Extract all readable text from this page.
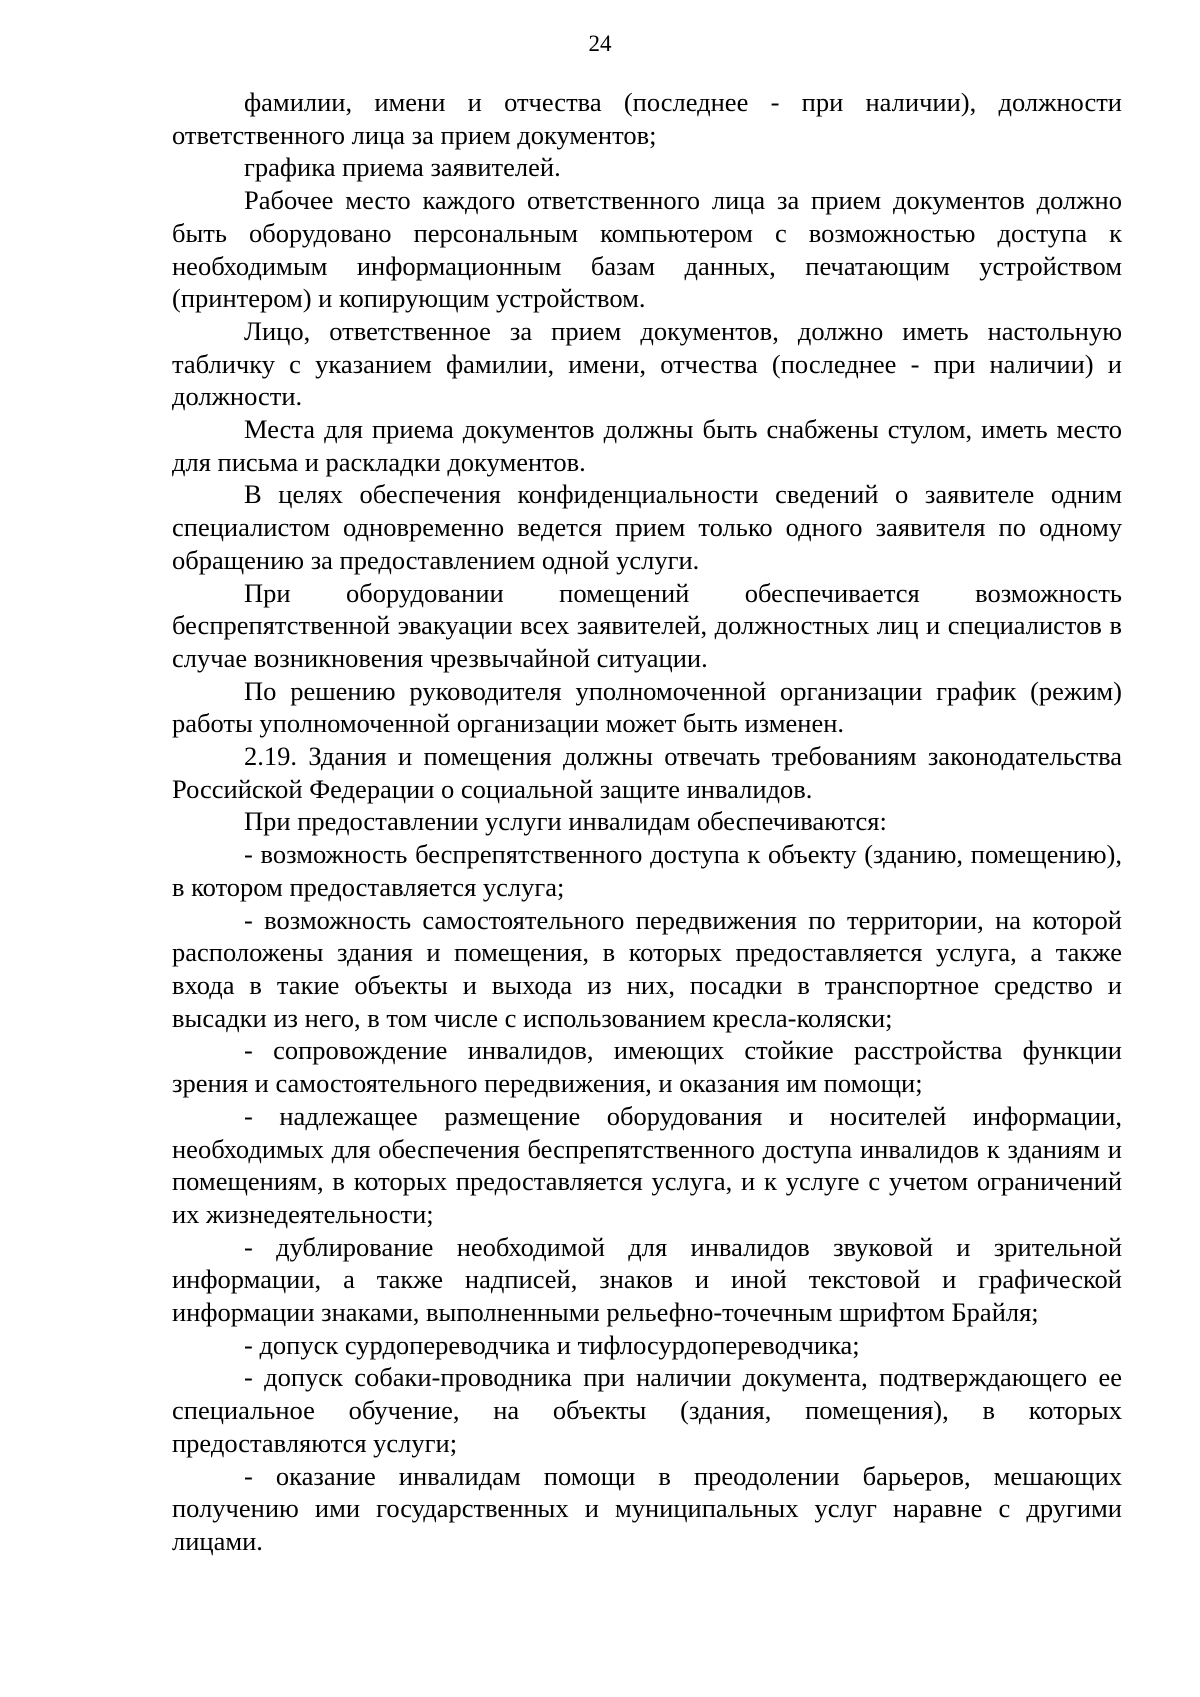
24

фамилии, имени и отчества (последнее - при наличии), должности ответственного лица за прием документов;

графика приема заявителей.

Рабочее место каждого ответственного лица за прием документов должно быть оборудовано персональным компьютером с возможностью доступа к необходимым информационным базам данных, печатающим устройством (принтером) и копирующим устройством.

Лицо, ответственное за прием документов, должно иметь настольную табличку с указанием фамилии, имени, отчества (последнее - при наличии) и должности.

Места для приема документов должны быть снабжены стулом, иметь место для письма и раскладки документов.

В целях обеспечения конфиденциальности сведений о заявителе одним специалистом одновременно ведется прием только одного заявителя по одному обращению за предоставлением одной услуги.

При оборудовании помещений обеспечивается возможность беспрепятственной эвакуации всех заявителей, должностных лиц и специалистов в случае возникновения чрезвычайной ситуации.

По решению руководителя уполномоченной организации график (режим) работы уполномоченной организации может быть изменен.

2.19. Здания и помещения должны отвечать требованиям законодательства Российской Федерации о социальной защите инвалидов.

При предоставлении услуги инвалидам обеспечиваются:

- возможность беспрепятственного доступа к объекту (зданию, помещению), в котором предоставляется услуга;

- возможность самостоятельного передвижения по территории, на которой расположены здания и помещения, в которых предоставляется услуга, а также входа в такие объекты и выхода из них, посадки в транспортное средство и высадки из него, в том числе с использованием кресла-коляски;

- сопровождение инвалидов, имеющих стойкие расстройства функции зрения и самостоятельного передвижения, и оказания им помощи;

- надлежащее размещение оборудования и носителей информации, необходимых для обеспечения беспрепятственного доступа инвалидов к зданиям и помещениям, в которых предоставляется услуга, и к услуге с учетом ограничений их жизнедеятельности;

- дублирование необходимой для инвалидов звуковой и зрительной информации, а также надписей, знаков и иной текстовой и графической информации знаками, выполненными рельефно-точечным шрифтом Брайля;

- допуск сурдопереводчика и тифлосурдопереводчика;

- допуск собаки-проводника при наличии документа, подтверждающего ее специальное обучение, на объекты (здания, помещения), в которых предоставляются услуги;

- оказание инвалидам помощи в преодолении барьеров, мешающих получению ими государственных и муниципальных услуг наравне с другими лицами.
